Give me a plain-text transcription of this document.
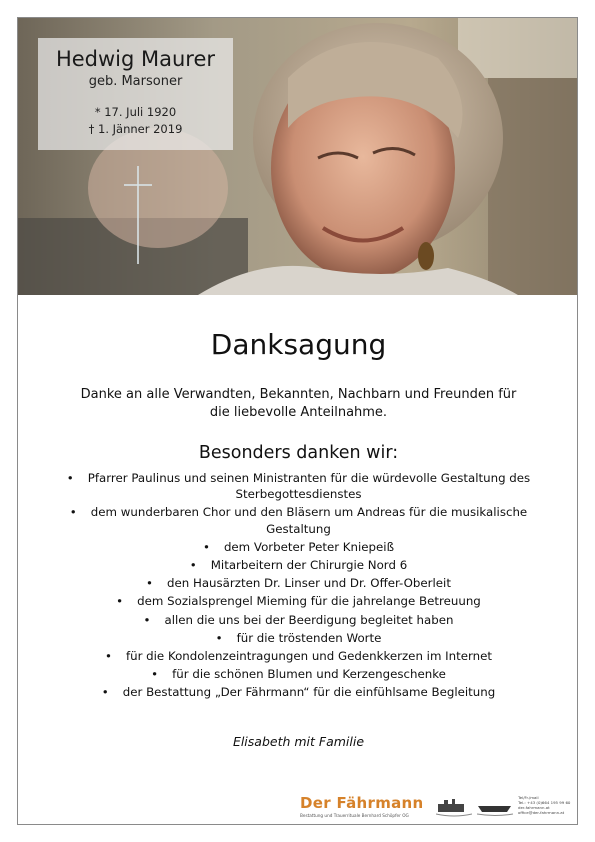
Hedwig Maurer
geb. Marsoner
* 17. Juli 1920
† 1. Jänner 2019
Danksagung
Danke an alle Verwandten, Bekannten, Nachbarn und Freunden für die liebevolle Anteilnahme.
Besonders danken wir:
• Pfarrer Paulinus und seinen Ministranten für die würdevolle Gestaltung des Sterbegottesdienstes
• dem wunderbaren Chor und den Bläsern um Andreas für die musikalische Gestaltung
• dem Vorbeter Peter Kniepeiß
• Mitarbeitern der Chirurgie Nord 6
• den Hausärzten Dr. Linser und Dr. Offer-Oberleit
• dem Sozialsprengel Mieming für die jahrelange Betreuung
• allen die uns bei der Beerdigung begleitet haben
• für die tröstenden Worte
• für die Kondolenzeintragungen und Gedenkkerzen im Internet
• für die schönen Blumen und Kerzengeschenke
• der Bestattung „Der Fährmann“ für die einfühlsame Begleitung
Elisabeth mit Familie
Der Fährmann
Bestattung und Trauerrituale Bernhard Schöpfer OG
Tel/Fr./mail
Tel.: +43 (0)664 195 99 60
der-fahrmann.at
office@der-fahrmann.at
